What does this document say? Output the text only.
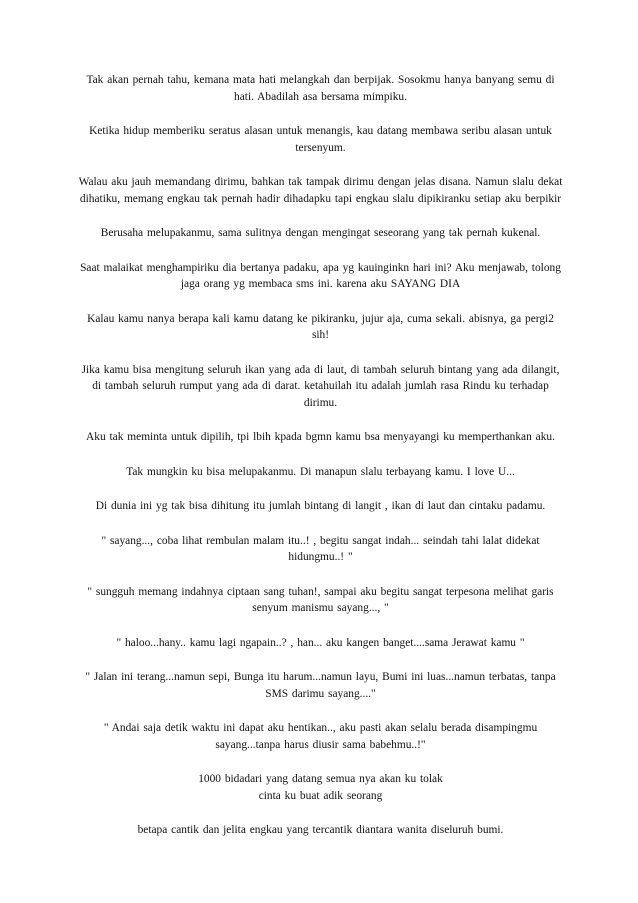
Tak akan pernah tahu, kemana mata hati melangkah dan berpijak. Sosokmu hanya banyang semu di hati. Abadilah asa bersama mimpiku.

Ketika hidup memberiku seratus alasan untuk menangis, kau datang membawa seribu alasan untuk tersenyum.

Walau aku jauh memandang dirimu, bahkan tak tampak dirimu dengan jelas disana. Namun slalu dekat dihatiku, memang engkau tak pernah hadir dihadapku tapi engkau slalu dipikiranku setiap aku berpikir

Berusaha melupakanmu, sama sulitnya dengan mengingat seseorang yang tak pernah kukenal.

Saat malaikat menghampiriku dia bertanya padaku, apa yg kauinginkn hari ini? Aku menjawab, tolong jaga orang yg membaca sms ini. karena aku SAYANG DIA

Kalau kamu nanya berapa kali kamu datang ke pikiranku, jujur aja, cuma sekali. abisnya, ga pergi2 sih!

Jika kamu bisa mengitung seluruh ikan yang ada di laut, di tambah seluruh bintang yang ada dilangit, di tambah seluruh rumput yang ada di darat. ketahuilah itu adalah jumlah rasa Rindu ku terhadap dirimu.

Aku tak meminta untuk dipilih, tpi lbih kpada bgmn kamu bsa menyayangi ku memperthankan aku.

Tak mungkin ku bisa melupakanmu. Di manapun slalu terbayang kamu. I love U...

Di dunia ini yg tak bisa dihitung itu jumlah bintang di langit , ikan di laut dan cintaku padamu.

" sayang..., coba lihat rembulan malam itu..! , begitu sangat indah... seindah tahi lalat didekat hidungmu..! "

" sungguh memang indahnya ciptaan sang tuhan!, sampai aku begitu sangat terpesona melihat garis senyum manismu sayang..., "

" haloo...hany.. kamu lagi ngapain..? , han... aku kangen banget....sama Jerawat kamu "

" Jalan ini terang...namun sepi, Bunga itu harum...namun layu, Bumi ini luas...namun terbatas, tanpa SMS darimu sayang...."

" Andai saja detik waktu ini dapat aku hentikan.., aku pasti akan selalu berada disampingmu sayang...tanpa harus diusir sama babehmu..!"

1000 bidadari yang datang semua nya akan ku tolak
cinta ku buat adik seorang

betapa cantik dan jelita engkau yang tercantik diantara wanita diseluruh bumi.
